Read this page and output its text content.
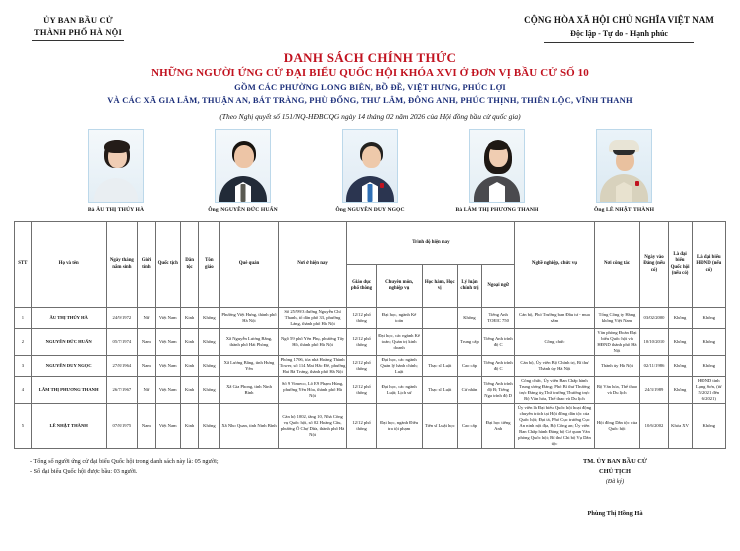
ỦY BAN BẦU CỬ
THÀNH PHỐ HÀ NỘI
CỘNG HÒA XÃ HỘI CHỦ NGHĨA VIỆT NAM
Độc lập - Tự do - Hạnh phúc
DANH SÁCH CHÍNH THỨC
NHỮNG NGƯỜI ỨNG CỬ ĐẠI BIỂU QUỐC HỘI KHÓA XVI Ở ĐƠN VỊ BẦU CỬ SỐ 10
GỒM CÁC PHƯỜNG LONG BIÊN, BỒ ĐỀ, VIỆT HƯNG, PHÚC LỢI
VÀ CÁC XÃ GIA LÂM, THUẬN AN, BÁT TRÀNG, PHÙ ĐỔNG, THƯ LÂM, ĐÔNG ANH, PHÚC THỊNH, THIÊN LỘC, VĨNH THANH
(Theo Nghị quyết số 151/NQ-HĐBCQG ngày 14 tháng 02 năm 2026 của Hội đồng bầu cử quốc gia)
Bà ÂU THỊ THÚY HÀ	Ông NGUYỄN ĐỨC HUẤN	Ông NGUYỄN DUY NGỌC	Bà LÂM THỊ PHƯƠNG THANH	Ông LÊ NHẬT THÀNH
STT	Họ và tên	Ngày tháng năm sinh	Giới tính	Quốc tịch	Dân tộc	Tôn giáo	Quê quán	Nơi ở hiện nay	Trình độ hiện nay					Nghề nghiệp, chức vụ	Nơi công tác	Ngày vào Đảng (nếu có)	Là đại biểu Quốc hội (nếu có)	Là đại biểu HĐND (nếu có)
									Giáo dục phổ thông	Chuyên môn, nghiệp vụ	Học hàm, Học vị	Lý luận chính trị	Ngoại ngữ					
1	ÂU THỊ THÚY HÀ	24/9/1972	Nữ	Việt Nam	Kinh	Không	Phường Việt Hưng, thành phố Hà Nội	Số 25/99/3 đường Nguyễn Chí Thanh, tổ dân phố 33, phường Láng, thành phố Hà Nội	12/12 phổ thông	Đại học, ngành Kế toán		Không	Tiếng Anh TOEIC 750	Cán bộ, Phó Trưởng ban Đầu tư - mua sắm	Tổng Công ty Hàng không Việt Nam	03/02/2000	Không	Không
2	NGUYỄN ĐỨC HUẤN	05/7/1974	Nam	Việt Nam	Kinh	Không	Xã Nguyễn Lương Bằng, thành phố Hải Phòng	Ngõ 59 phố Yên Phụ, phường Tây Hồ, thành phố Hà Nội	12/12 phổ thông	Đại học, các ngành Kế toán; Quản trị kinh doanh		Trung cấp	Tiếng Anh trình độ C	Công chức	Văn phòng Đoàn Đại biểu Quốc hội và HĐND thành phố Hà Nội	10/10/2010	Không	Không
3	NGUYỄN DUY NGỌC	27/8/1964	Nam	Việt Nam	Kinh	Không	Xã Lương Bằng, tỉnh Hưng Yên	Phòng 1706, tòa nhà Hoàng Thành Tower, số 114 Mai Hắc Đế, phường Hai Bà Trưng, thành phố Hà Nội	12/12 phổ thông	Đại học, các ngành Quản lý hành chính; Luật	Thạc sĩ Luật	Cao cấp	Tiếng Anh trình độ C	Cán bộ, Ủy viên Bộ Chính trị, Bí thư Thành ủy Hà Nội	Thành ủy Hà Nội	02/11/1986	Không	Không
4	LÂM THỊ PHƯƠNG THANH	26/7/1967	Nữ	Việt Nam	Kinh	Không	Xã Gia Phong, tỉnh Ninh Bình	Số 9 Vimeco, Lô E9 Phạm Hùng, phường Yên Hòa, thành phố Hà Nội	12/12 phổ thông	Đại học, các ngành Luật; Lịch sử	Thạc sĩ Luật	Cử nhân	Tiếng Anh trình độ B; Tiếng Nga trình độ D	Công chức, Ủy viên Ban Chấp hành Trung ương Đảng; Phó Bí thư Thường trực Đảng ủy,Thứ trưởng Thường trực Bộ Văn hóa, Thể thao và Du lịch	Bộ Văn hóa, Thể thao và Du lịch	24/3/1989	Không	HĐND tỉnh Lạng Sơn, (từ 5/2021 đến 6/2021)
5	LÊ NHẬT THÀNH	07/8/1975	Nam	Việt Nam	Kinh	Không	Xã Nho Quan, tỉnh Ninh Bình	Căn hộ 1002, tầng 10, Nhà Công vụ Quốc hội, số 02 Hoàng Cầu, phường Ô Chợ Dừa, thành phố Hà Nội	12/12 phổ thông	Đại học, ngành Điều tra tội phạm	Tiến sĩ Luật học	Cao cấp	Đại học tiếng Anh	Ủy viên là Đại biểu Quốc hội hoạt động chuyên trách tại Hội đồng dân tộc của Quốc hội; Đại tá, Phó Cục trưởng Cục An ninh nội địa, Bộ Công an; Ủy viên Ban Chấp hành Đảng bộ Cơ quan Văn phòng Quốc hội; Bí thư Chi bộ Vụ Dân tộc	Hội đồng Dân tộc của Quốc hội	10/6/2002	Khóa XV	Không
- Tổng số người ứng cử đại biểu Quốc hội trong danh sách này là: 05 người;
- Số đại biểu Quốc hội được bầu: 03 người.
TM. ỦY BAN BẦU CỬ
CHỦ TỊCH
(Đã ký)
Phùng Thị Hồng Hà
